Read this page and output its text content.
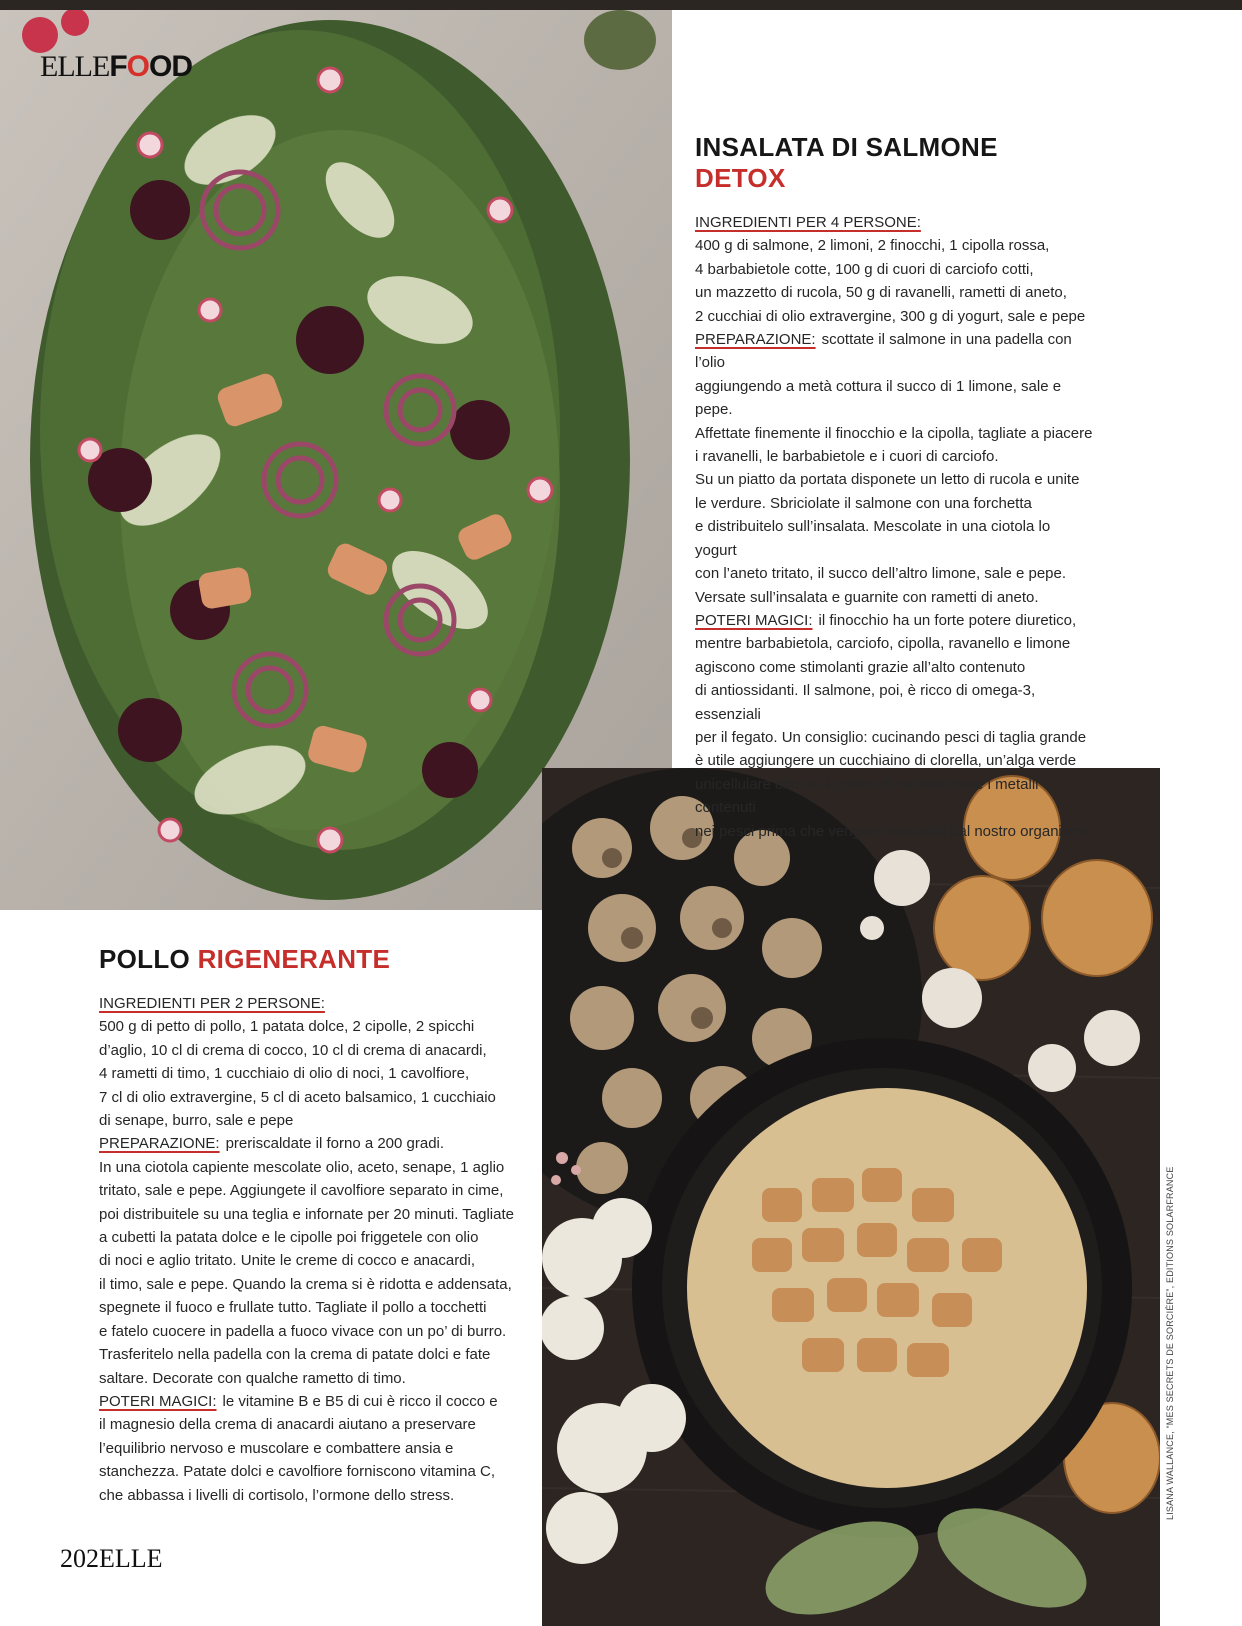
ELLEFOOD
INSALATA DI SALMONE DETOX

INGREDIENTI PER 4 PERSONE:

400 g di salmone, 2 limoni, 2 finocchi, 1 cipolla rossa,

4 barbabietole cotte, 100 g di cuori di carciofo cotti,

un mazzetto di rucola, 50 g di ravanelli, rametti di aneto,

2 cucchiai di olio extravergine, 300 g di yogurt, sale e pepe

PREPARAZIONE: scottate il salmone in una padella con l’olio

aggiungendo a metà cottura il succo di 1 limone, sale e pepe.

Affettate finemente il finocchio e la cipolla, tagliate a piacere

i ravanelli, le barbabietole e i cuori di carciofo.

Su un piatto da portata disponete un letto di rucola e unite

le verdure. Sbriciolate il salmone con una forchetta

e distribuitelo sull’insalata. Mescolate in una ciotola lo yogurt

con l’aneto tritato, il succo dell’altro limone, sale e pepe.

Versate sull’insalata e guarnite con rametti di aneto.

POTERI MAGICI: il finocchio ha un forte potere diuretico,

mentre barbabietola, carciofo, cipolla, ravanello e limone

agiscono come stimolanti grazie all’alto contenuto

di antiossidanti. Il salmone, poi, è ricco di omega-3, essenziali

per il fegato. Un consiglio: cucinando pesci di taglia grande

è utile aggiungere un cucchiaino di clorella, un’alga verde

unicellulare che ha il potere di neutralizzare i metalli contenuti

nei pesci prima che vengano assorbiti dal nostro organismo.

POLLO RIGENERANTE

INGREDIENTI PER 2 PERSONE:

500 g di petto di pollo, 1 patata dolce, 2 cipolle, 2 spicchi

d’aglio, 10 cl di crema di cocco, 10 cl di crema di anacardi,

4 rametti di timo, 1 cucchiaio di olio di noci, 1 cavolfiore,

7 cl di olio extravergine, 5 cl di aceto balsamico, 1 cucchiaio

di senape, burro, sale e pepe

PREPARAZIONE: preriscaldate il forno a 200 gradi.

In una ciotola capiente mescolate olio, aceto, senape, 1 aglio

tritato, sale e pepe. Aggiungete il cavolfiore separato in cime,

poi distribuitele su una teglia e infornate per 20 minuti. Tagliate

a cubetti la patata dolce e le cipolle poi friggetele con olio

di noci e aglio tritato. Unite le creme di cocco e anacardi,

il timo, sale e pepe. Quando la crema si è ridotta e addensata,

spegnete il fuoco e frullate tutto. Tagliate il pollo a tocchetti

e fatelo cuocere in padella a fuoco vivace con un po’ di burro.

Trasferitelo nella padella con la crema di patate dolci e fate

saltare. Decorate con qualche rametto di timo.

POTERI MAGICI: le vitamine B e B5 di cui è ricco il cocco e

il magnesio della crema di anacardi aiutano a preservare

l’equilibrio nervoso e muscolare e combattere ansia e

stanchezza. Patate dolci e cavolfiore forniscono vitamina C,

che abbassa i livelli di cortisolo, l’ormone dello stress.	LISANA WALLANCE, “MES SECRETS DE SORCIÈRE”, EDITIONS SOLARFRANCE
202ELLE
